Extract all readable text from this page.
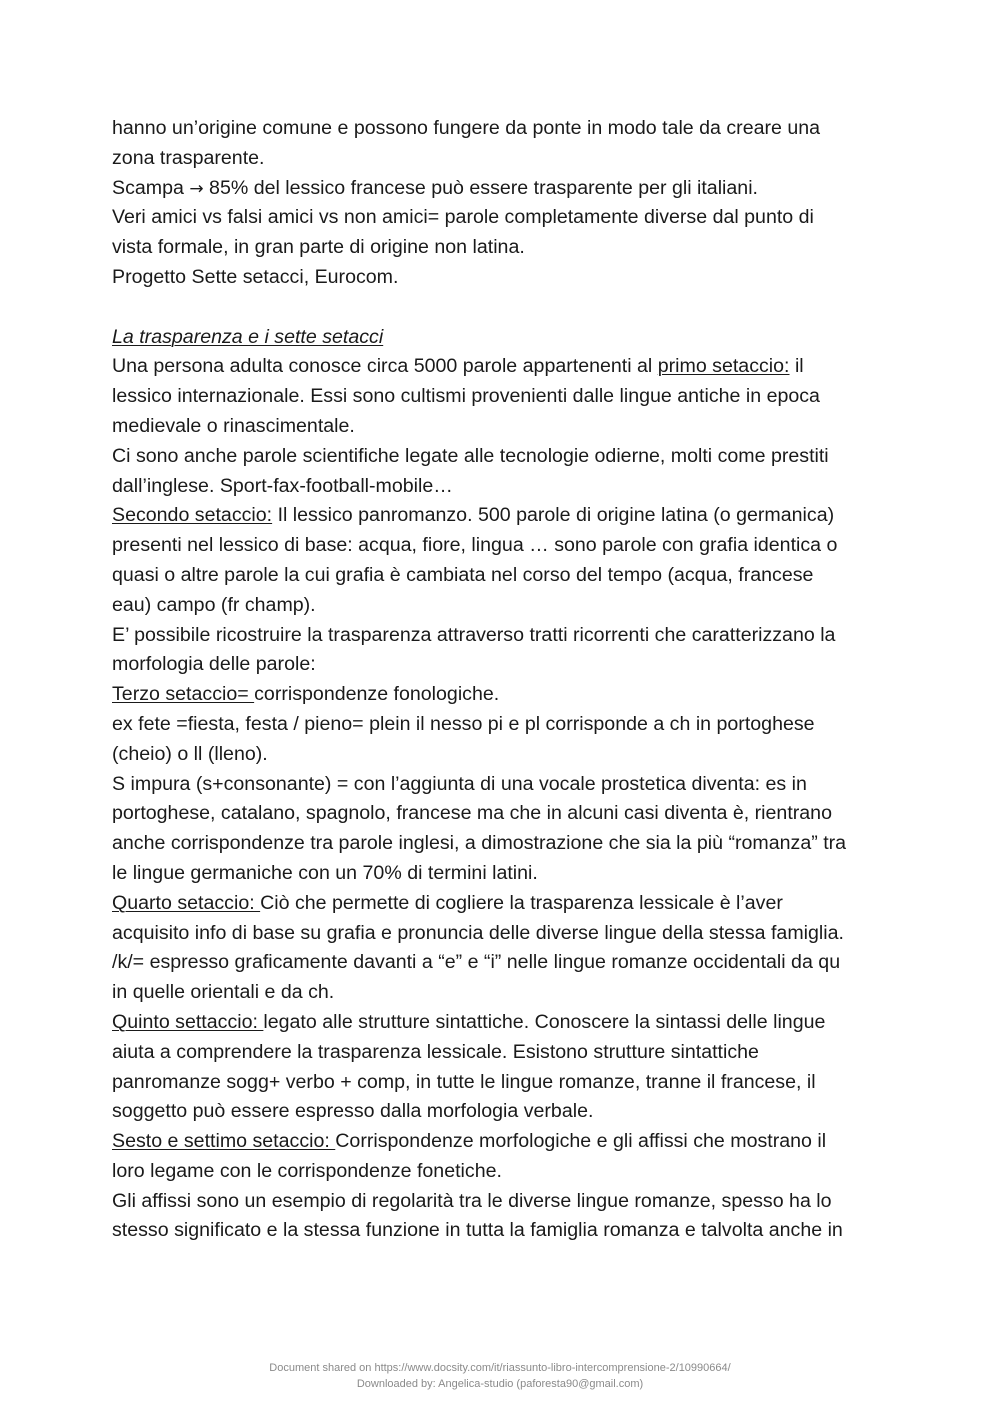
hanno un’origine comune e possono fungere da ponte in modo tale da creare una
zona trasparente.
Scampa → 85% del lessico francese può essere trasparente per gli italiani.
Veri amici vs falsi amici vs non amici= parole completamente diverse dal punto di
vista formale, in gran parte di origine non latina.
Progetto Sette setacci, Eurocom.
La trasparenza e i sette setacci
Una persona adulta conosce circa 5000 parole appartenenti al primo setaccio: il
lessico internazionale. Essi sono cultismi provenienti dalle lingue antiche in epoca
medievale o rinascimentale.
Ci sono anche parole scientifiche legate alle tecnologie odierne, molti come prestiti
dall’inglese. Sport-fax-football-mobile…
Secondo setaccio: Il lessico panromanzo. 500 parole di origine latina (o germanica)
presenti nel lessico di base: acqua, fiore, lingua … sono parole con grafia identica o
quasi o altre parole la cui grafia è cambiata nel corso del tempo (acqua, francese
eau) campo (fr champ).
E’ possibile ricostruire la trasparenza attraverso tratti ricorrenti che caratterizzano la
morfologia delle parole:
Terzo setaccio= corrispondenze fonologiche.
ex fete =fiesta, festa / pieno= plein il nesso pi e pl corrisponde a ch in portoghese
(cheio) o ll (lleno).
S impura (s+consonante) = con l’aggiunta di una vocale prostetica diventa: es in
portoghese, catalano, spagnolo, francese ma che in alcuni casi diventa è, rientrano
anche corrispondenze tra parole inglesi, a dimostrazione che sia la più “romanza” tra
le lingue germaniche con un 70% di termini latini.
Quarto setaccio: Ciò che permette di cogliere la trasparenza lessicale è l’aver
acquisito info di base su grafia e pronuncia delle diverse lingue della stessa famiglia.
/k/= espresso graficamente davanti a “e” e “i” nelle lingue romanze occidentali da qu
in quelle orientali e da ch.
Quinto settaccio: legato alle strutture sintattiche. Conoscere la sintassi delle lingue
aiuta a comprendere la trasparenza lessicale. Esistono strutture sintattiche
panromanze sogg+ verbo + comp, in tutte le lingue romanze, tranne il francese, il
soggetto può essere espresso dalla morfologia verbale.
Sesto e settimo setaccio: Corrispondenze morfologiche e gli affissi che mostrano il
loro legame con le corrispondenze fonetiche.
Gli affissi sono un esempio di regolarità tra le diverse lingue romanze, spesso ha lo
stesso significato e la stessa funzione in tutta la famiglia romanza e talvolta anche in
Document shared on https://www.docsity.com/it/riassunto-libro-intercomprensione-2/10990664/
Downloaded by: Angelica-studio (paforesta90@gmail.com)
